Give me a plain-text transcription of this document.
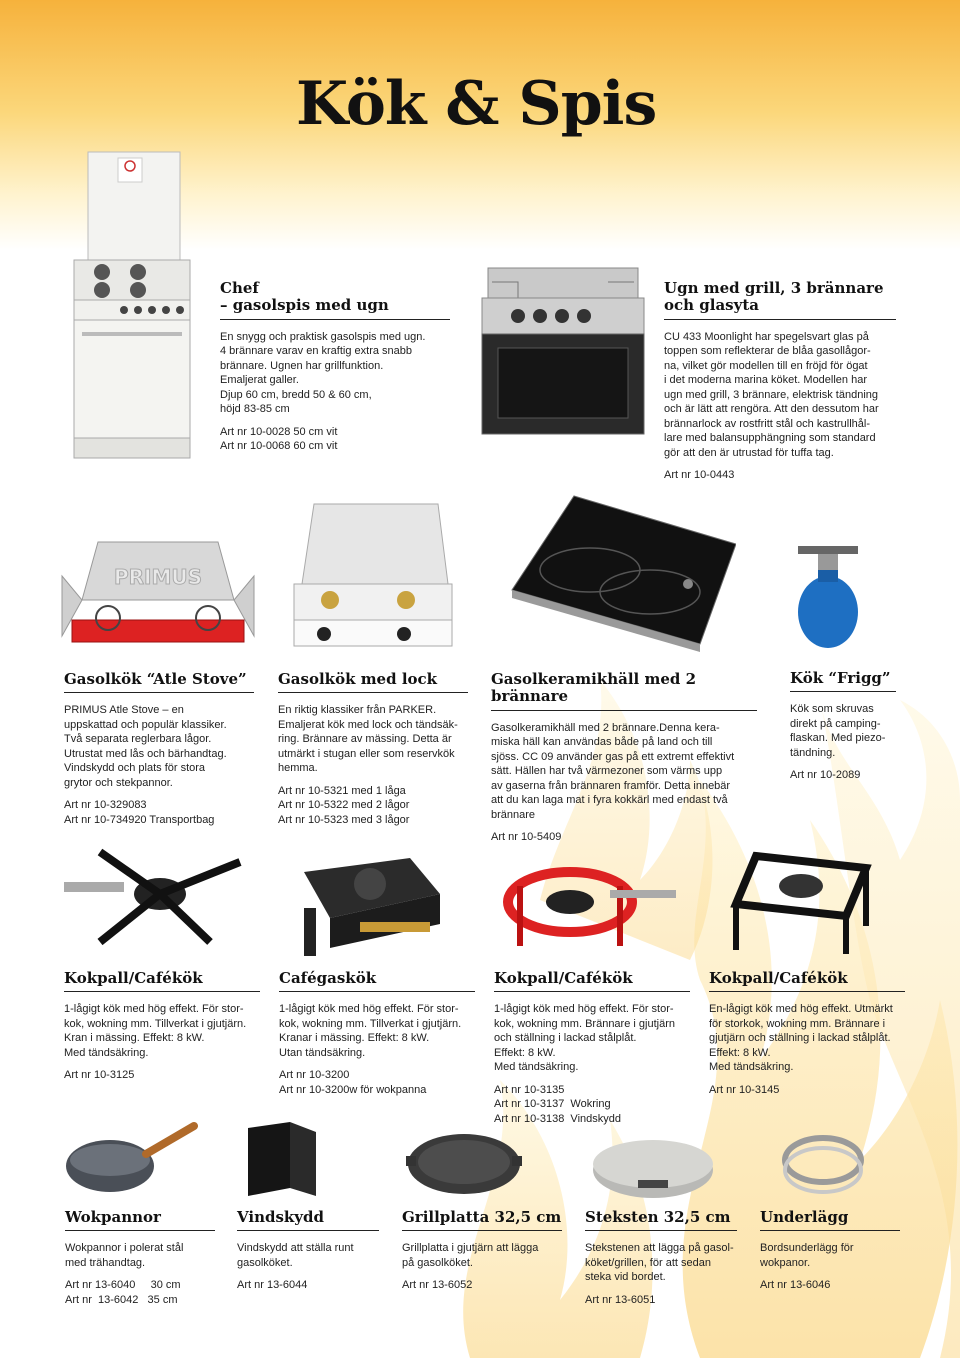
Kök & Spis
PRIMUS
Chef
– gasolspis med ugn

En snygg och praktisk gasolspis med ugn.
4 brännare varav en kraftig extra snabb
brännare. Ugnen har grillfunktion.
Emaljerat galler.
Djup 60 cm, bredd 50 & 60 cm,
höjd 83-85 cm

Art nr 10-0028 50 cm vit
Art nr 10-0068 60 cm vit
Ugn med grill, 3 brännare
och glasyta

CU 433 Moonlight har spegelsvart glas på
toppen som reflekterar de blåa gasollågor-
na, vilket gör modellen till en fröjd för ögat
i det moderna marina köket. Modellen har
ugn med grill, 3 brännare, elektrisk tändning
och är lätt att rengöra. Att den dessutom har
brännarlock av rostfritt stål och kastrullhål-
lare med balansupphängning som standard
gör att den är utrustad för tuffa tag.

Art nr 10-0443
Gasolkök “Atle Stove”

PRIMUS Atle Stove – en
uppskattad och populär klassiker.
Två separata reglerbara lågor.
Utrustat med lås och bärhandtag.
Vindskydd och plats för stora
grytor och stekpannor.

Art nr 10-329083
Art nr 10-734920 Transportbag
Gasolkök med lock

En riktig klassiker från PARKER.
Emaljerat kök med lock och tändsäk-
ring. Brännare av mässing. Detta är
utmärkt i stugan eller som reservkök
hemma.

Art nr 10-5321 med 1 låga
Art nr 10-5322 med 2 lågor
Art nr 10-5323 med 3 lågor
Gasolkeramikhäll med 2 brännare

Gasolkeramikhäll med 2 brännare.Denna kera-
miska häll kan användas både på land och till
sjöss. CC 09 använder gas på ett extremt effektivt
sätt. Hällen har två värmezoner som värms upp
av gaserna från brännaren framför. Detta innebär
att du kan laga mat i fyra kokkärl med endast två
brännare

Art nr 10-5409
Kök “Frigg”

Kök som skruvas
direkt på camping-
flaskan. Med piezo-
tändning.

Art nr 10-2089
Kokpall/Cafékök

1-lågigt kök med hög effekt. För stor-
kok, wokning mm. Tillverkat i gjutjärn.
Kran i mässing. Effekt: 8 kW.
Med tändsäkring.

Art nr 10-3125
Cafégaskök

1-lågigt kök med hög effekt. För stor-
kok, wokning mm. Tillverkat i gjutjärn.
Kranar i mässing. Effekt: 8 kW.
Utan tändsäkring.

Art nr 10-3200
Art nr 10-3200w för wokpanna
Kokpall/Cafékök

1-lågigt kök med hög effekt. För stor-
kok, wokning mm. Brännare i gjutjärn
och ställning i lackad stålplåt.
Effekt: 8 kW.
Med tändsäkring.

Art nr 10-3135
Art nr 10-3137  Wokring
Art nr 10-3138  Vindskydd
Kokpall/Cafékök

En-lågigt kök med hög effekt. Utmärkt
för storkok, wokning mm. Brännare i
gjutjärn och ställning i lackad stålplåt.
Effekt: 8 kW.
Med tändsäkring.

Art nr 10-3145
Wokpannor

Wokpannor i polerat stål
med trähandtag.

Art nr 13-6040     30 cm
Art nr  13-6042   35 cm
Vindskydd

Vindskydd att ställa runt
gasolköket.

Art nr 13-6044
Grillplatta 32,5 cm

Grillplatta i gjutjärn att lägga
på gasolköket.

Art nr 13-6052
Steksten 32,5 cm

Stekstenen att lägga på gasol-
köket/grillen, för att sedan
steka vid bordet.

Art nr 13-6051
Underlägg

Bordsunderlägg för
wokpanor.

Art nr 13-6046
